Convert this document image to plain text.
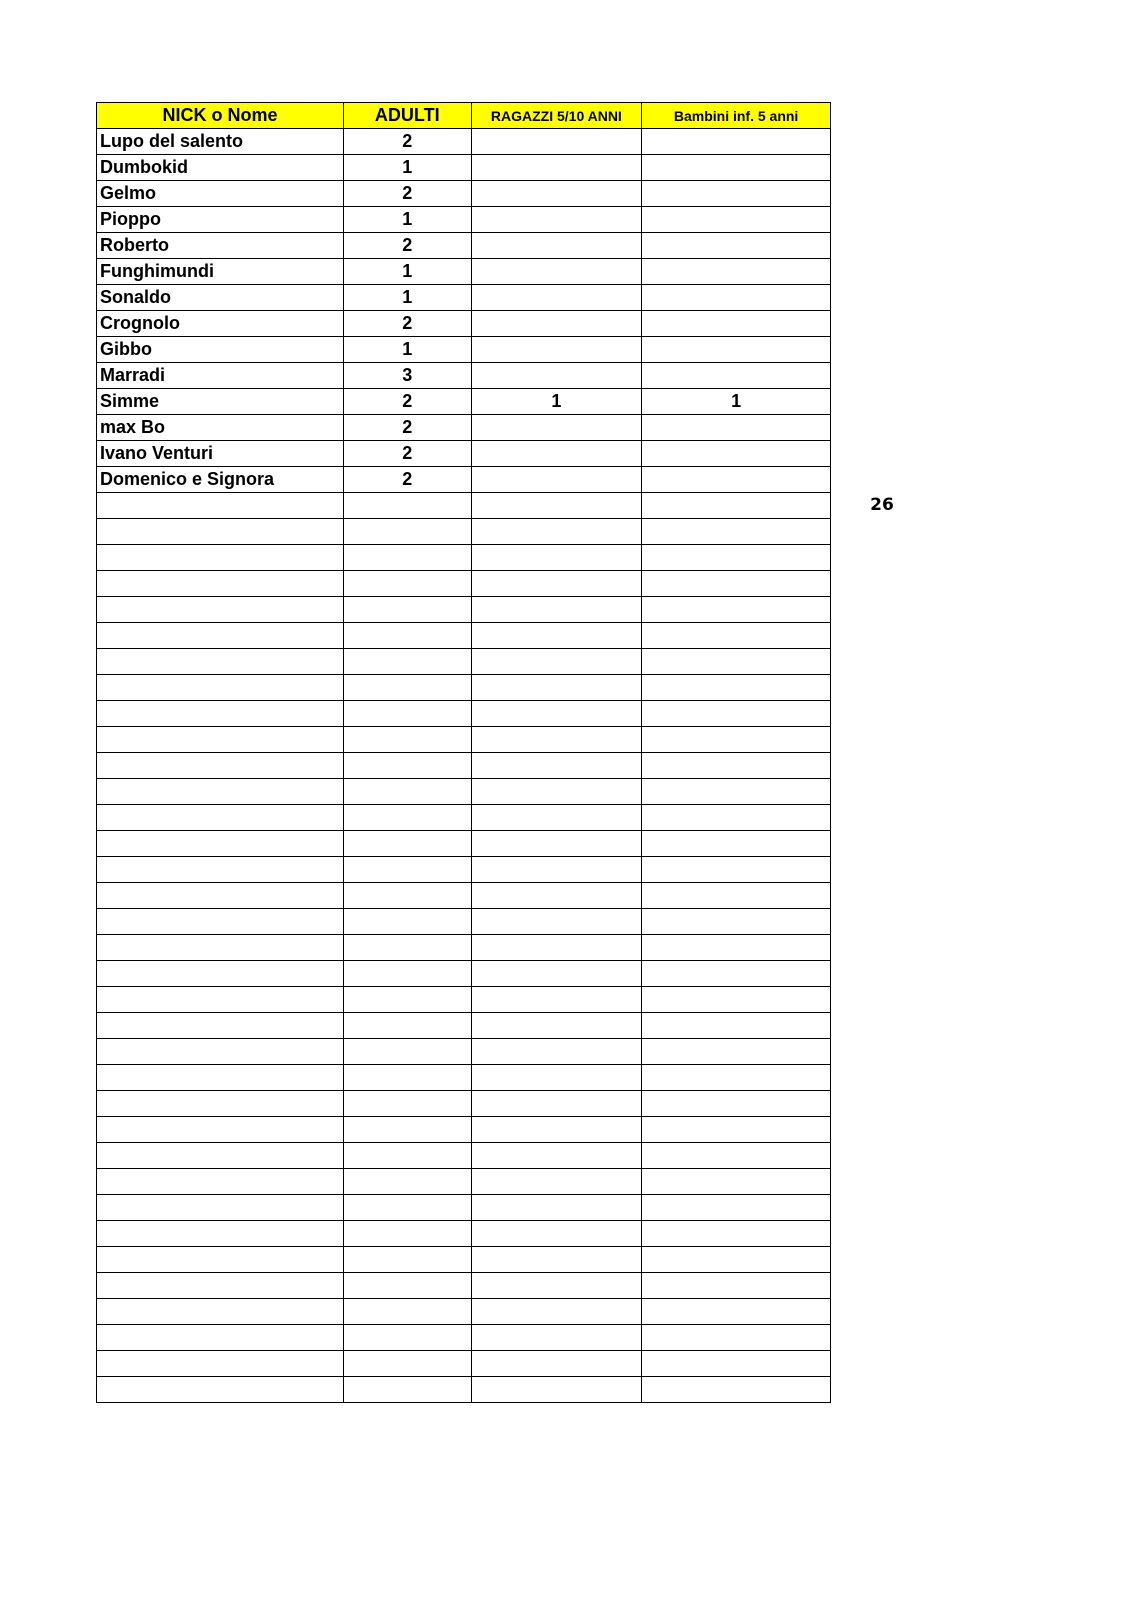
NICK o Nome	ADULTI	RAGAZZI 5/10 ANNI	Bambini inf. 5 anni
Lupo del salento	2		
Dumbokid	1		
Gelmo	2		
Pioppo	1		
Roberto	2		
Funghimundi	1		
Sonaldo	1		
Crognolo	2		
Gibbo	1		
Marradi	3		
Simme	2	1	1
max Bo	2		
Ivano Venturi	2		
Domenico e Signora	2		

26
